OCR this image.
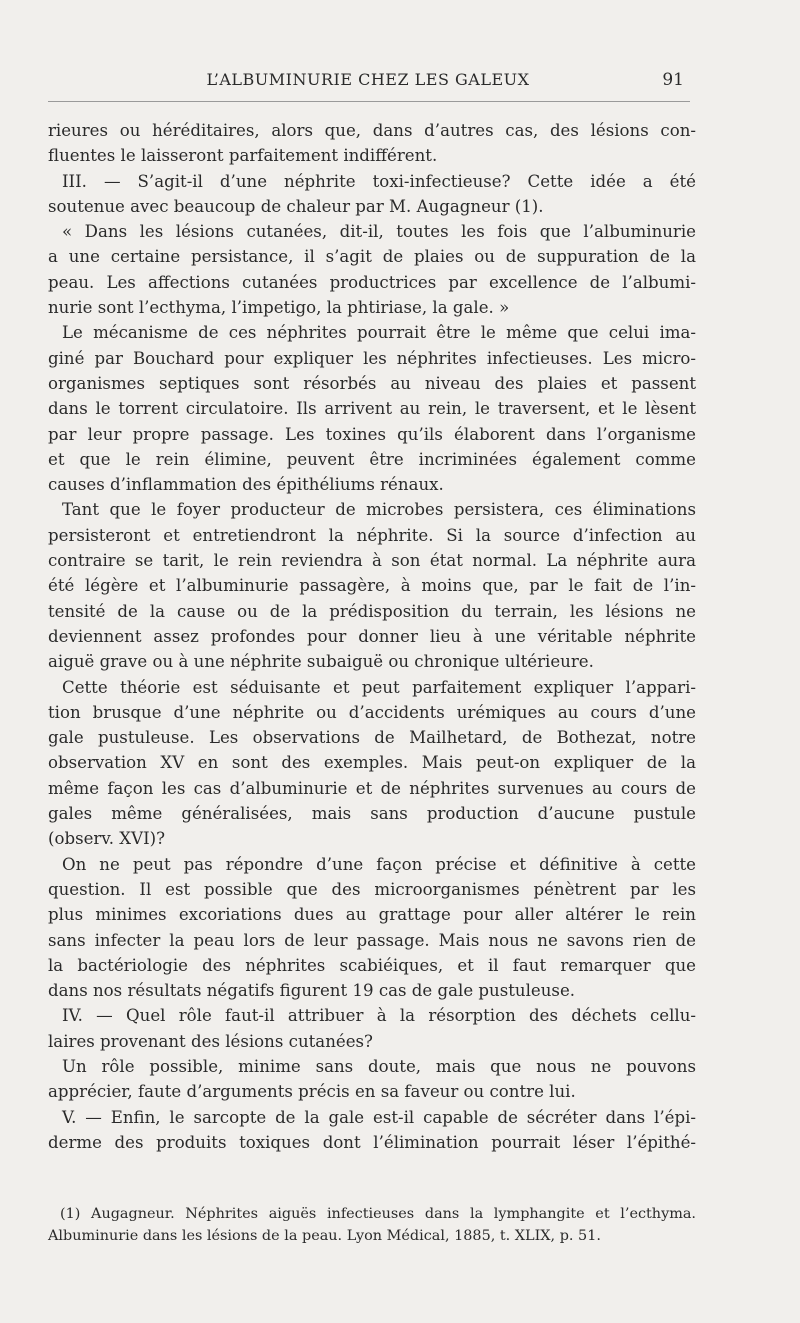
L’ALBUMINURIE CHEZ LES GALEUX	91
rieures ou héréditaires, alors que, dans d’autres cas, des lésions con-
fluentes le laisseront parfaitement indifférent.
III. — S’agit-il d’une néphrite toxi-infectieuse? Cette idée a été
soutenue avec beaucoup de chaleur par M. Augagneur (1).
« Dans les lésions cutanées, dit-il, toutes les fois que l’albuminurie
a une certaine persistance, il s’agit de plaies ou de suppuration de la
peau. Les affections cutanées productrices par excellence de l’albumi-
nurie sont l’ecthyma, l’impetigo, la phtiriase, la gale. »
Le mécanisme de ces néphrites pourrait être le même que celui ima-
giné par Bouchard pour expliquer les néphrites infectieuses. Les micro-
organismes septiques sont résorbés au niveau des plaies et passent
dans le torrent circulatoire. Ils arrivent au rein, le traversent, et le lèsent
par leur propre passage. Les toxines qu’ils élaborent dans l’organisme
et que le rein élimine, peuvent être incriminées également comme
causes d’inflammation des épithéliums rénaux.
Tant que le foyer producteur de microbes persistera, ces éliminations
persisteront et entretiendront la néphrite. Si la source d’infection au
contraire se tarit, le rein reviendra à son état normal. La néphrite aura
été légère et l’albuminurie passagère, à moins que, par le fait de l’in-
tensité de la cause ou de la prédisposition du terrain, les lésions ne
deviennent assez profondes pour donner lieu à une véritable néphrite
aiguë grave ou à une néphrite subaiguë ou chronique ultérieure.
Cette théorie est séduisante et peut parfaitement expliquer l’appari-
tion brusque d’une néphrite ou d’accidents urémiques au cours d’une
gale pustuleuse. Les observations de Mailhetard, de Bothezat, notre
observation XV en sont des exemples. Mais peut-on expliquer de la
même façon les cas d’albuminurie et de néphrites survenues au cours de
gales même généralisées, mais sans production d’aucune pustule
(observ. XVI)?
On ne peut pas répondre d’une façon précise et définitive à cette
question. Il est possible que des microorganismes pénètrent par les
plus minimes excoriations dues au grattage pour aller altérer le rein
sans infecter la peau lors de leur passage. Mais nous ne savons rien de
la bactériologie des néphrites scabiéiques, et il faut remarquer que
dans nos résultats négatifs figurent 19 cas de gale pustuleuse.
IV. — Quel rôle faut-il attribuer à la résorption des déchets cellu-
laires provenant des lésions cutanées?
Un rôle possible, minime sans doute, mais que nous ne pouvons
apprécier, faute d’arguments précis en sa faveur ou contre lui.
V. — Enfin, le sarcopte de la gale est-il capable de sécréter dans l’épi-
derme des produits toxiques dont l’élimination pourrait léser l’épithé-
(1) Augagneur. Néphrites aiguës infectieuses dans la lymphangite et l’ecthyma.
Albuminurie dans les lésions de la peau. Lyon Médical, 1885, t. XLIX, p. 51.
